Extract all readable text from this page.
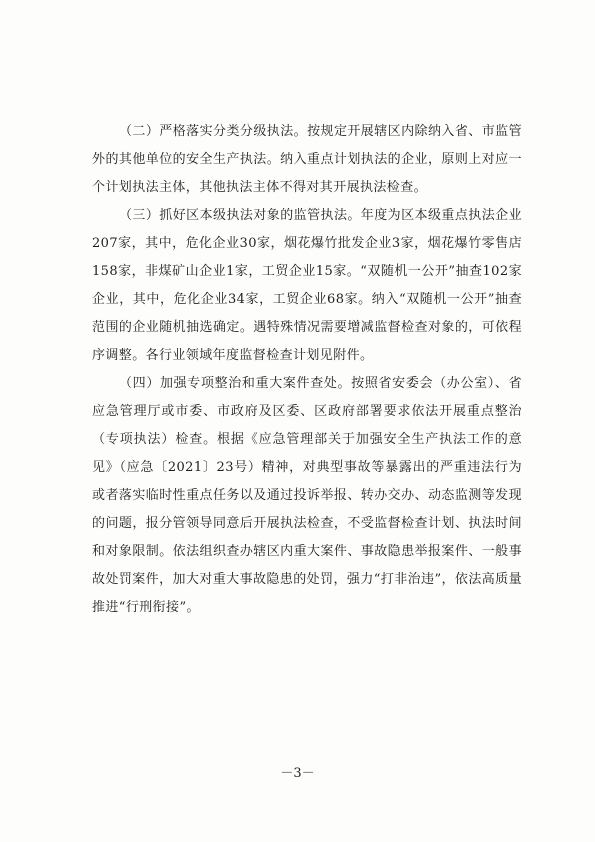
（二）严格落实分类分级执法。按规定开展辖区内除纳入省、市监管外的其他单位的安全生产执法。纳入重点计划执法的企业，原则上对应一个计划执法主体，其他执法主体不得对其开展执法检查。

（三）抓好区本级执法对象的监管执法。年度为区本级重点执法企业207家，其中，危化企业30家，烟花爆竹批发企业3家，烟花爆竹零售店158家，非煤矿山企业1家，工贸企业15家。“双随机一公开”抽查102家企业，其中，危化企业34家，工贸企业68家。纳入“双随机一公开”抽查范围的企业随机抽选确定。遇特殊情况需要增减监督检查对象的，可依程序调整。各行业领域年度监督检查计划见附件。

（四）加强专项整治和重大案件查处。按照省安委会（办公室）、省应急管理厅或市委、市政府及区委、区政府部署要求依法开展重点整治（专项执法）检查。根据《应急管理部关于加强安全生产执法工作的意见》（应急〔2021〕23号）精神，对典型事故等暴露出的严重违法行为或者落实临时性重点任务以及通过投诉举报、转办交办、动态监测等发现的问题，报分管领导同意后开展执法检查，不受监督检查计划、执法时间和对象限制。依法组织查办辖区内重大案件、事故隐患举报案件、一般事故处罚案件，加大对重大事故隐患的处罚，强力“打非治违”，依法高质量推进“行刑衔接”。

－3－
